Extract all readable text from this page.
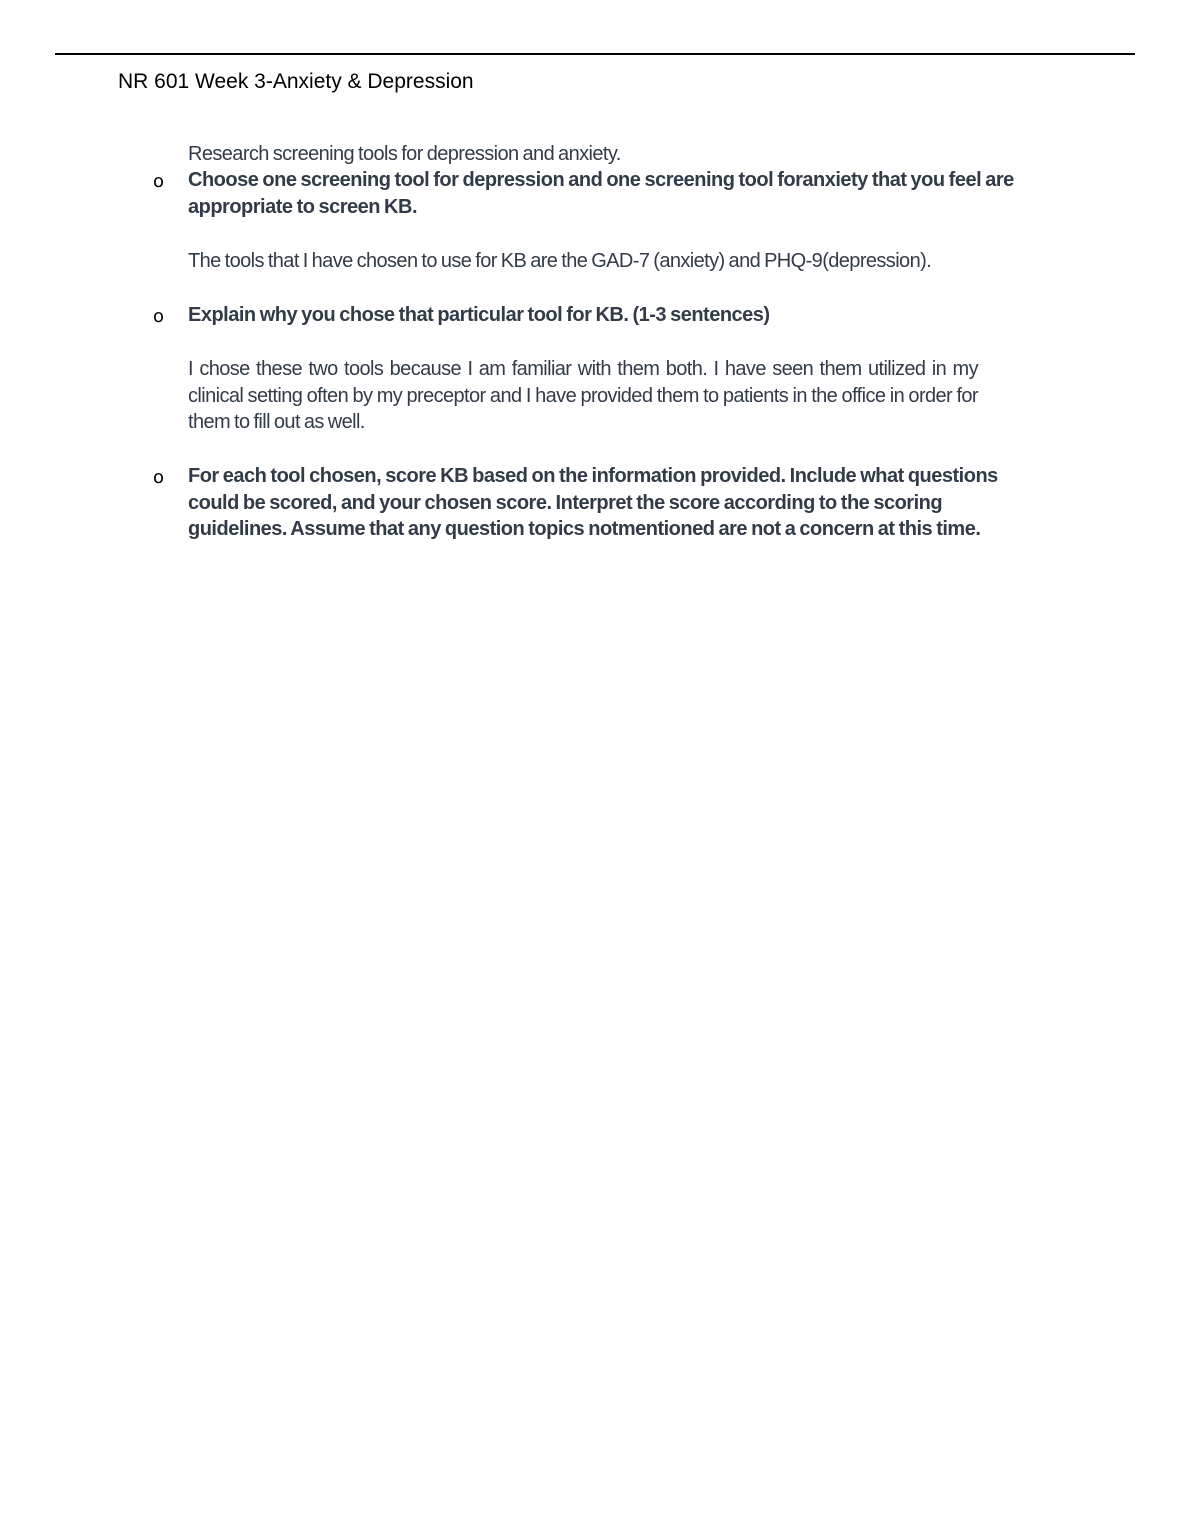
NR 601 Week 3-Anxiety & Depression
Research screening tools for depression and anxiety.
o Choose one screening tool for depression and one screening tool foranxiety that you feel are appropriate to screen KB.
The tools that I have chosen to use for KB are the GAD-7 (anxiety) and PHQ-9(depression).
o Explain why you chose that particular tool for KB. (1-3 sentences)
I chose these two tools because I am familiar with them both. I have seen them utilized in my clinical setting often by my preceptor and I have provided them to patients in the office in order for them to fill out as well.
o For each tool chosen, score KB based on the information provided. Include what questions could be scored, and your chosen score. Interpret the score according to the scoring guidelines. Assume that any question topics notmentioned are not a concern at this time.
